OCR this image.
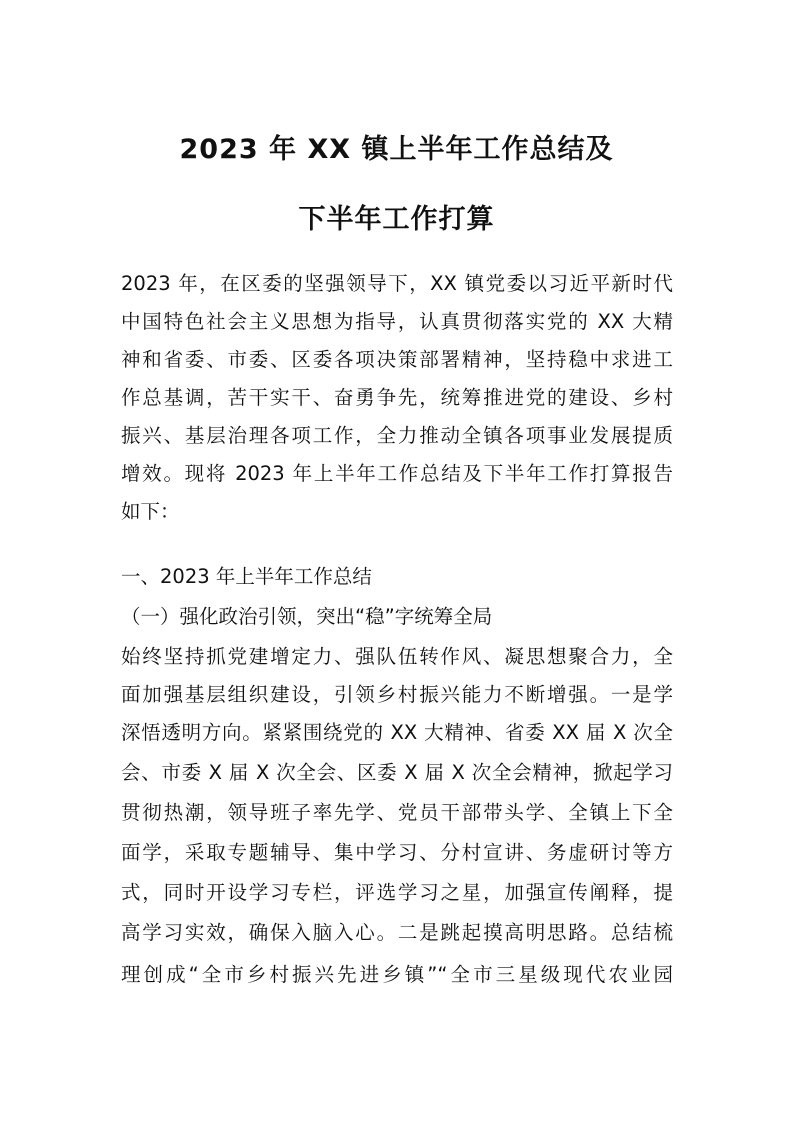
2023 年 XX 镇上半年工作总结及
下半年工作打算
2023 年，在区委的坚强领导下，XX 镇党委以习近平新时代
中国特色社会主义思想为指导，认真贯彻落实党的 XX 大精
神和省委、市委、区委各项决策部署精神，坚持稳中求进工
作总基调，苦干实干、奋勇争先，统筹推进党的建设、乡村
振兴、基层治理各项工作，全力推动全镇各项事业发展提质
增效。现将 2023 年上半年工作总结及下半年工作打算报告
如下：
一、2023 年上半年工作总结
（一）强化政治引领，突出“稳”字统筹全局
始终坚持抓党建增定力、强队伍转作风、凝思想聚合力，全
面加强基层组织建设，引领乡村振兴能力不断增强。一是学
深悟透明方向。紧紧围绕党的 XX 大精神、省委 XX 届 X 次全
会、市委 X 届 X 次全会、区委 X 届 X 次全会精神，掀起学习
贯彻热潮，领导班子率先学、党员干部带头学、全镇上下全
面学，采取专题辅导、集中学习、分村宣讲、务虚研讨等方
式，同时开设学习专栏，评选学习之星，加强宣传阐释，提
高学习实效，确保入脑入心。二是跳起摸高明思路。总结梳
理创成“全市乡村振兴先进乡镇”“全市三星级现代农业园
